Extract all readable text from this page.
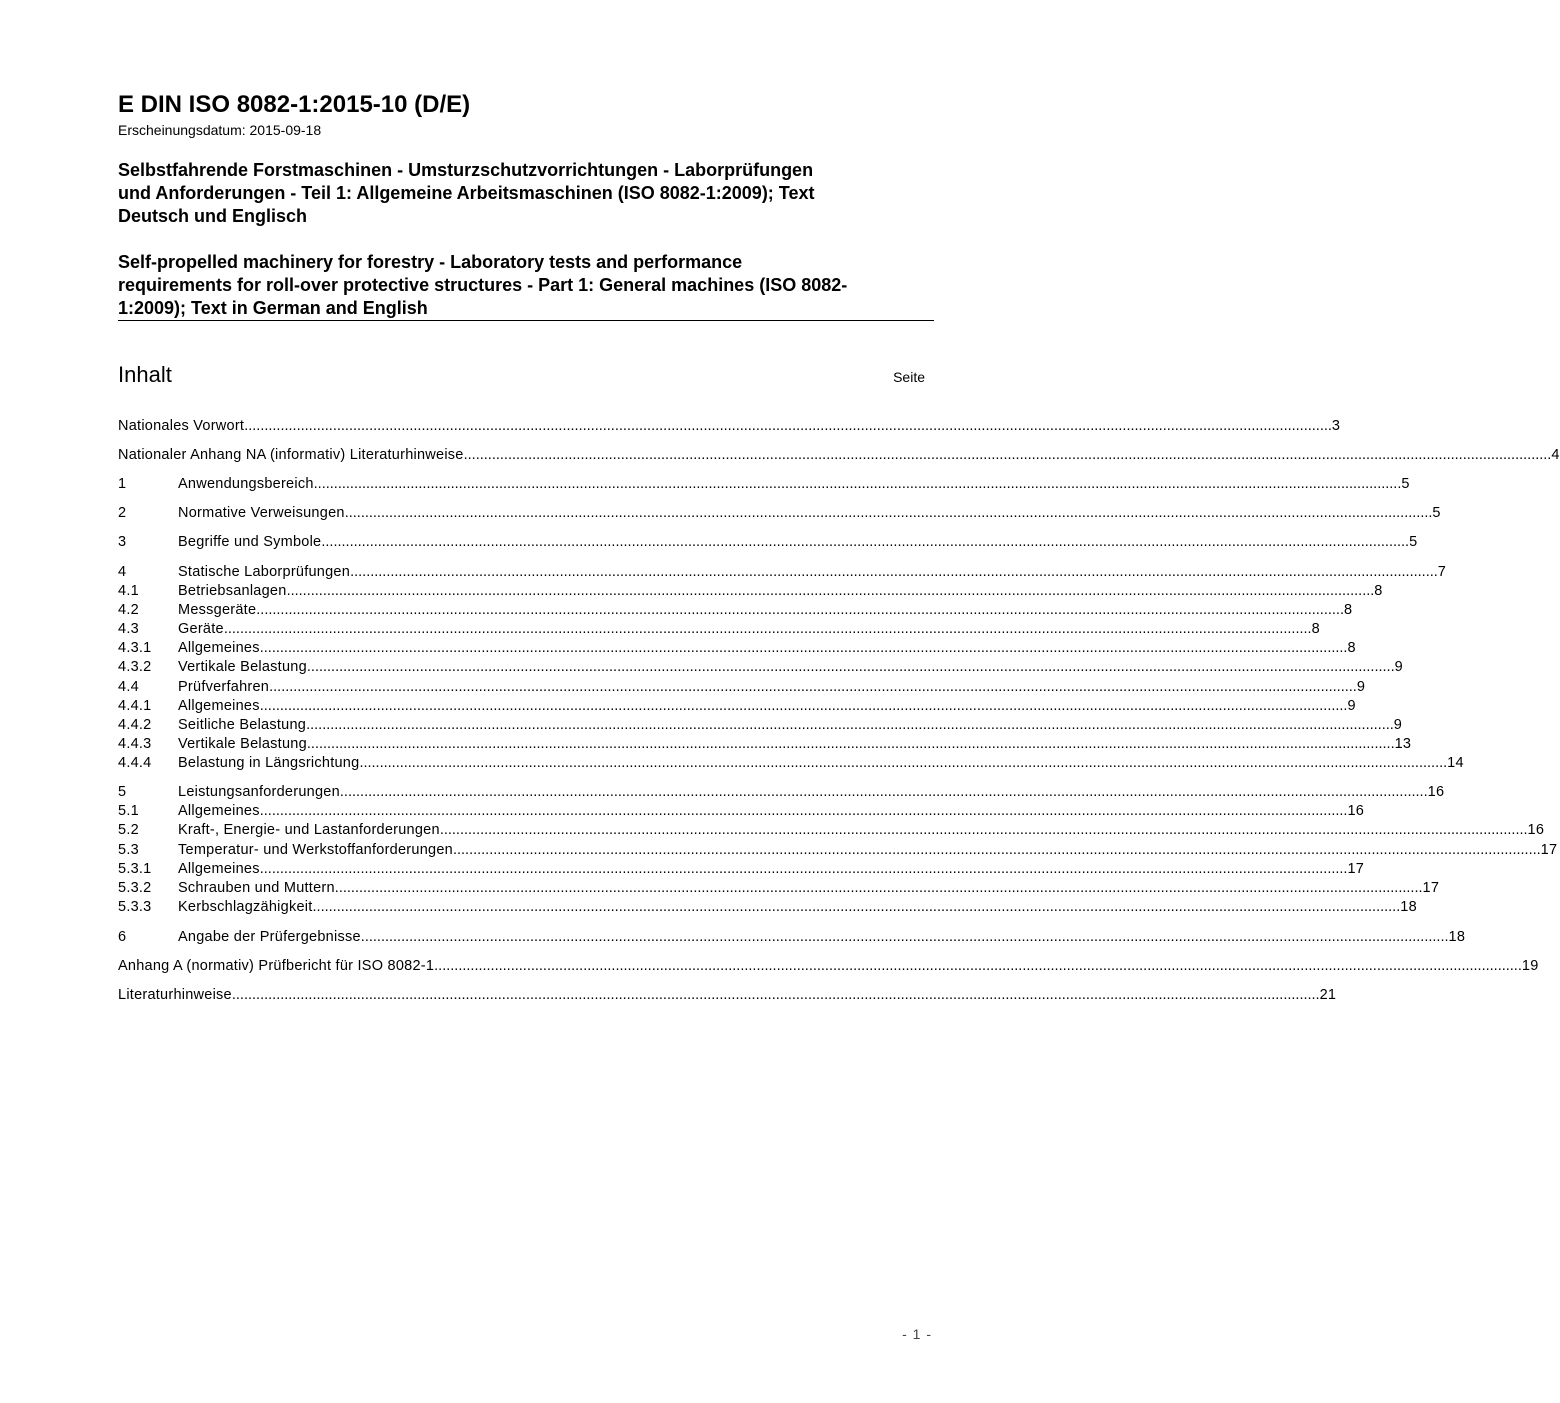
E DIN ISO 8082-1:2015-10 (D/E)
Erscheinungsdatum: 2015-09-18
Selbstfahrende Forstmaschinen - Umsturzschutzvorrichtungen - Laborprüfungen
und Anforderungen - Teil 1: Allgemeine Arbeitsmaschinen (ISO 8082-1:2009); Text
Deutsch und Englisch
Self-propelled machinery for forestry - Laboratory tests and performance
requirements for roll-over protective structures - Part 1: General machines (ISO 8082-
1:2009); Text in German and English
Inhalt	Seite
Nationales Vorwort .....	3
Nationaler Anhang NA (informativ) Literaturhinweise .....	4
1	Anwendungsbereich .....	5
2	Normative Verweisungen .....	5
3	Begriffe und Symbole .....	5
4	Statische Laborprüfungen .....	7
4.1	Betriebsanlagen .....	8
4.2	Messgeräte .....	8
4.3	Geräte .....	8
4.3.1	Allgemeines .....	8
4.3.2	Vertikale Belastung .....	9
4.4	Prüfverfahren .....	9
4.4.1	Allgemeines .....	9
4.4.2	Seitliche Belastung .....	9
4.4.3	Vertikale Belastung .....	13
4.4.4	Belastung in Längsrichtung .....	14
5	Leistungsanforderungen .....	16
5.1	Allgemeines .....	16
5.2	Kraft-, Energie- und Lastanforderungen .....	16
5.3	Temperatur- und Werkstoffanforderungen .....	17
5.3.1	Allgemeines .....	17
5.3.2	Schrauben und Muttern .....	17
5.3.3	Kerbschlagzähigkeit .....	18
6	Angabe der Prüfergebnisse .....	18
Anhang A (normativ) Prüfbericht für ISO 8082-1 .....	19
Literaturhinweise .....	21
- 1 -
